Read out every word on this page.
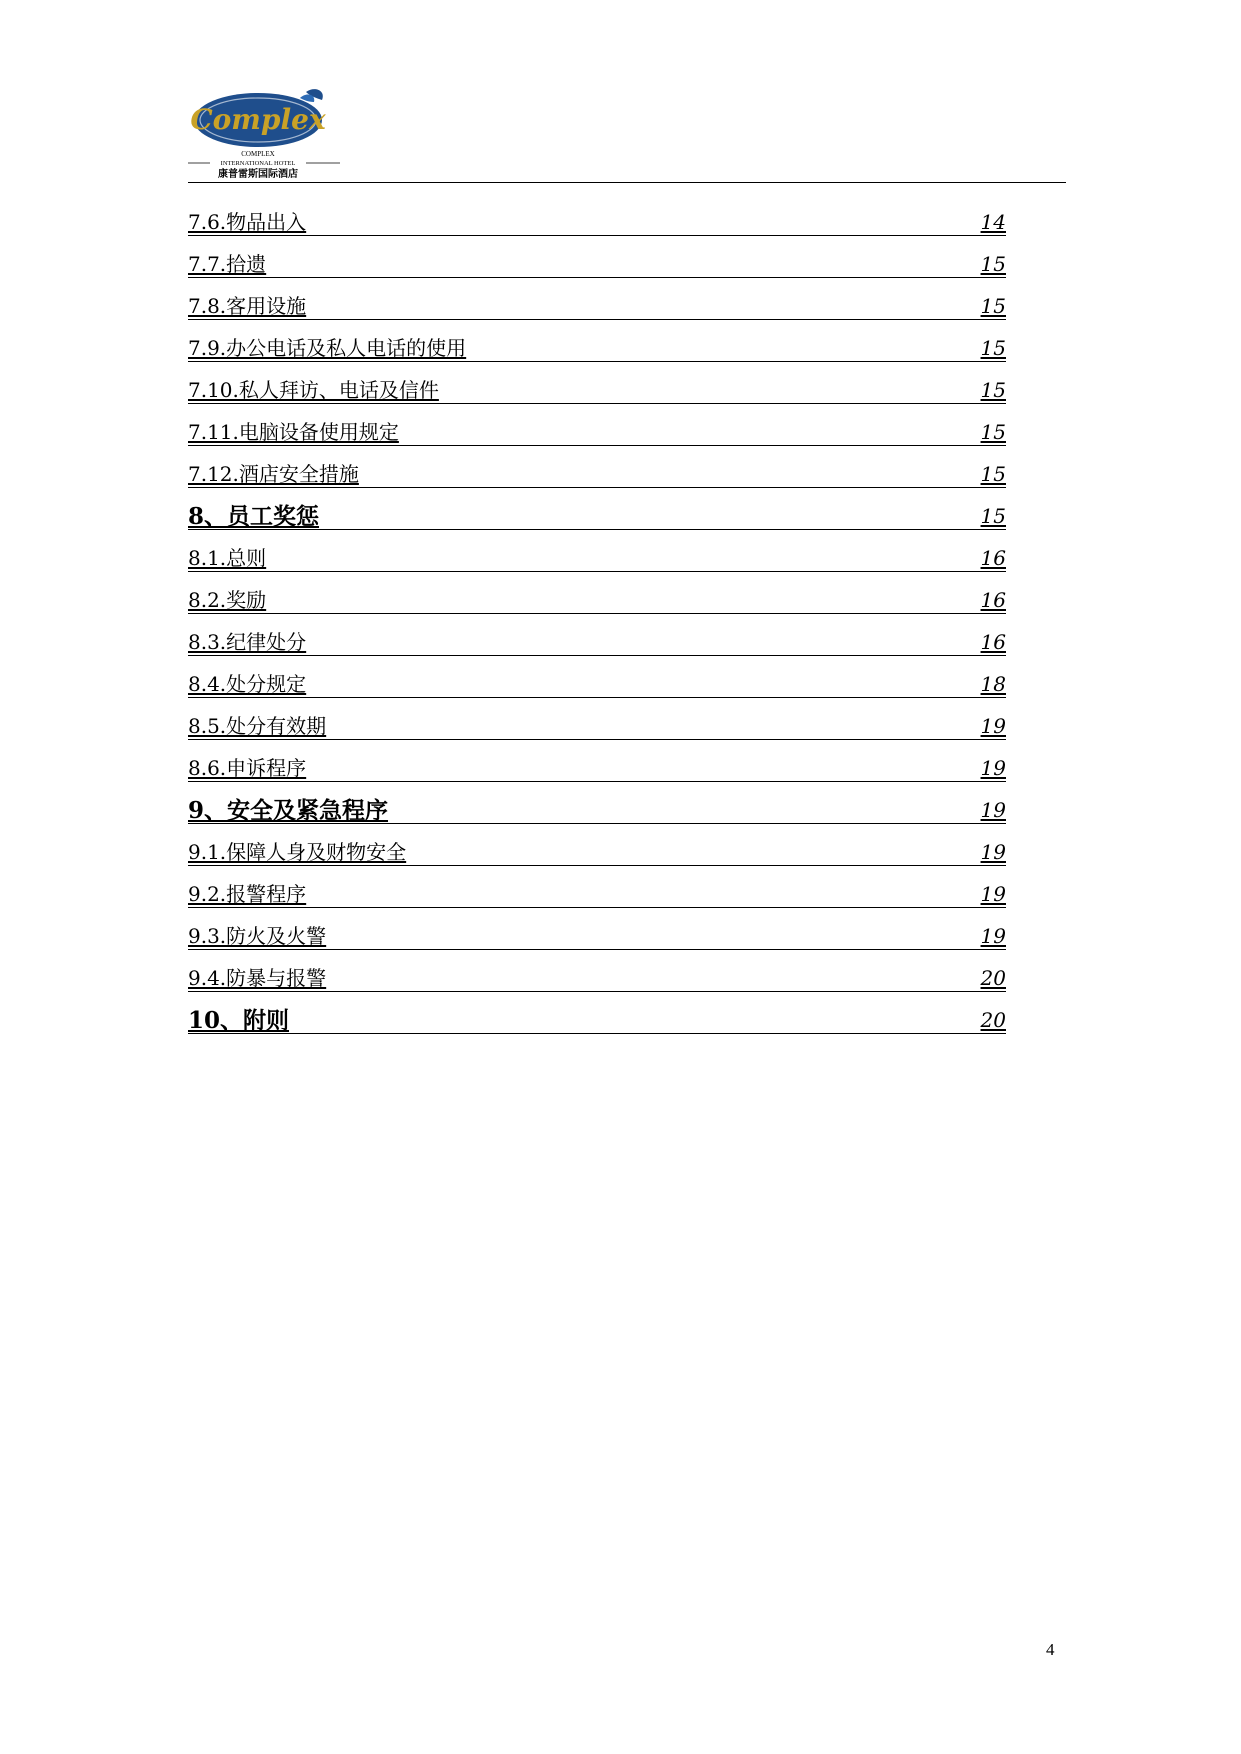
Complex
COMPLEX
INTERNATIONAL HOTEL
康普雷斯国际酒店
7.6.物品出入	14
7.7.拾遗	15
7.8.客用设施	15
7.9.办公电话及私人电话的使用	15
7.10.私人拜访、电话及信件	15
7.11.电脑设备使用规定	15
7.12.酒店安全措施	15
8、员工奖惩	15
8.1.总则	16
8.2.奖励	16
8.3.纪律处分	16
8.4.处分规定	18
8.5.处分有效期	19
8.6.申诉程序	19
9、安全及紧急程序	19
9.1.保障人身及财物安全	19
9.2.报警程序	19
9.3.防火及火警	19
9.4.防暴与报警	20
10、附则	20
4
